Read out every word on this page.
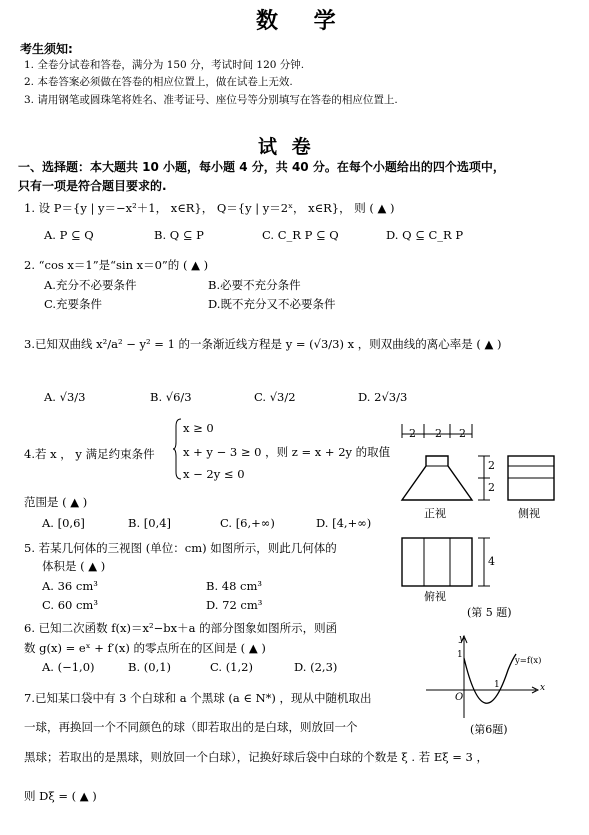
数 学
考生须知:
1. 全卷分试卷和答卷，满分为 150 分，考试时间 120 分钟.
2. 本卷答案必须做在答卷的相应位置上，做在试卷上无效.
3. 请用钢笔或圆珠笔将姓名、准考证号、座位号等分别填写在答卷的相应位置上.
试 卷
一、选择题：本大题共 10 小题，每小题 4 分，共 40 分。在每个小题给出的四个选项中，
只有一项是符合题目要求的.
1. 设 P＝{y | y＝−x²＋1， x∈R}， Q＝{y | y＝2ˣ， x∈R}， 则 ( ▲ )
A. P ⊆ Q	B. Q ⊆ P	C. C_R P ⊆ Q	D. Q ⊆ C_R P
2. “cos x＝1”是“sin x＝0”的 ( ▲ )
A.充分不必要条件	B.必要不充分条件
C.充要条件	D.既不充分又不必要条件
3.已知双曲线 x²/a² − y² = 1 的一条渐近线方程是 y = (√3/3) x ，则双曲线的离心率是 ( ▲ )
A. √3/3	B. √6/3	C. √3/2	D. 2√3/3
4.若 x ， y 满足约束条件
x ≥ 0
x + y − 3 ≥ 0 ，则 z = x + 2y 的取值
x − 2y ≤ 0
范围是 ( ▲ )
A. [0,6]	B. [0,4]	C. [6,+∞)	D. [4,+∞)
5. 若某几何体的三视图 (单位：cm) 如图所示，则此几何体的
体积是 ( ▲ )
A. 36 cm³	B. 48 cm³
C. 60 cm³	D. 72 cm³
2 2 2
2
2
4
正视	侧视
俯视
(第 5 题)
6. 已知二次函数 f(x)＝x²−bx＋a 的部分图象如图所示，则函
数 g(x) = eˣ + f′(x) 的零点所在的区间是 ( ▲ )
A. (−1,0)	B. (0,1)	C. (1,2)	D. (2,3)
y
x
O
1
1
y=f(x)
(第6题)
7.已知某口袋中有 3 个白球和 a 个黑球 (a ∈ N*) ，现从中随机取出
一球，再换回一个不同颜色的球（即若取出的是白球，则放回一个
黑球；若取出的是黑球，则放回一个白球），记换好球后袋中白球的个数是 ξ . 若 Eξ = 3 ，
则 Dξ = ( ▲ )
